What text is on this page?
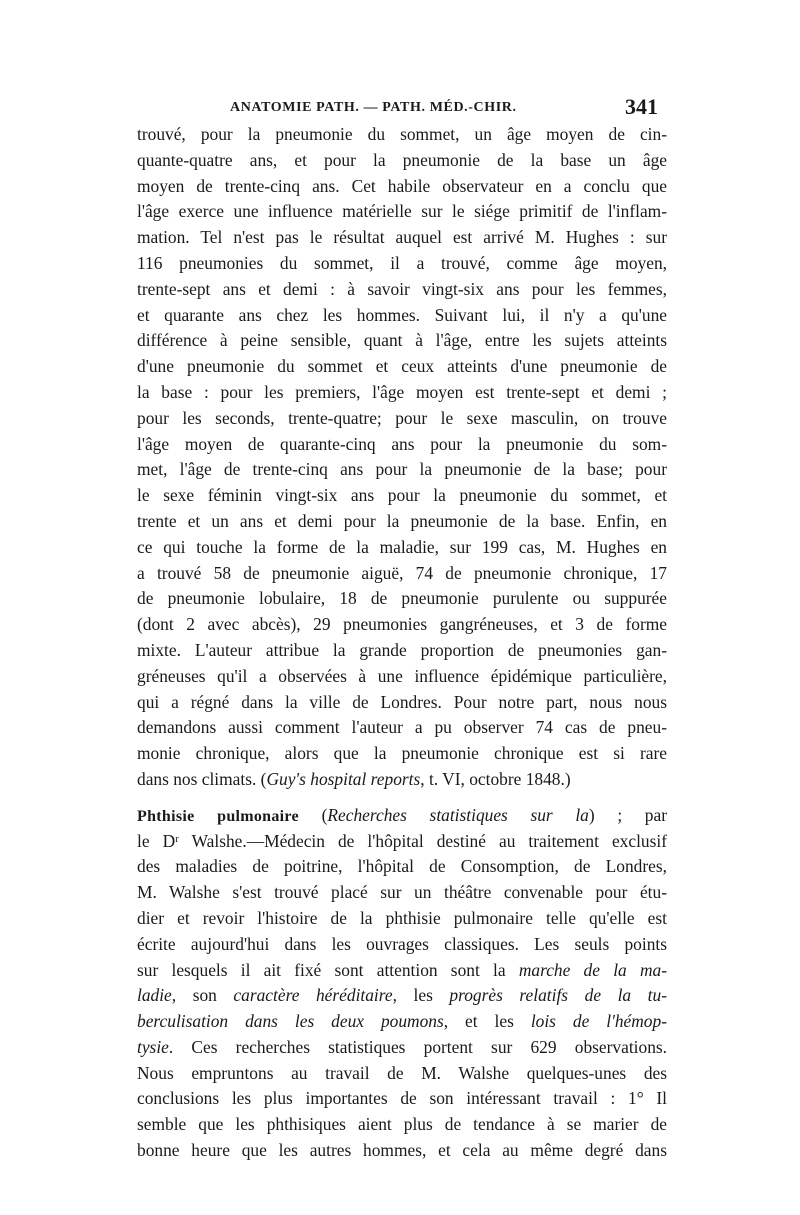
ANATOMIE PATH. — PATH. MÉD.-CHIR.	341
trouvé, pour la pneumonie du sommet, un âge moyen de cin-
quante-quatre ans, et pour la pneumonie de la base un âge
moyen de trente-cinq ans. Cet habile observateur en a conclu que
l'âge exerce une influence matérielle sur le siége primitif de l'inflam-
mation. Tel n'est pas le résultat auquel est arrivé M. Hughes : sur
116 pneumonies du sommet, il a trouvé, comme âge moyen,
trente-sept ans et demi : à savoir vingt-six ans pour les femmes,
et quarante ans chez les hommes. Suivant lui, il n'y a qu'une
différence à peine sensible, quant à l'âge, entre les sujets atteints
d'une pneumonie du sommet et ceux atteints d'une pneumonie de
la base : pour les premiers, l'âge moyen est trente-sept et demi ;
pour les seconds, trente-quatre; pour le sexe masculin, on trouve
l'âge moyen de quarante-cinq ans pour la pneumonie du som-
met, l'âge de trente-cinq ans pour la pneumonie de la base; pour
le sexe féminin vingt-six ans pour la pneumonie du sommet, et
trente et un ans et demi pour la pneumonie de la base. Enfin, en
ce qui touche la forme de la maladie, sur 199 cas, M. Hughes en
a trouvé 58 de pneumonie aiguë, 74 de pneumonie chronique, 17
de pneumonie lobulaire, 18 de pneumonie purulente ou suppurée
(dont 2 avec abcès), 29 pneumonies gangréneuses, et 3 de forme
mixte. L'auteur attribue la grande proportion de pneumonies gan-
gréneuses qu'il a observées à une influence épidémique particulière,
qui a régné dans la ville de Londres. Pour notre part, nous nous
demandons aussi comment l'auteur a pu observer 74 cas de pneu-
monie chronique, alors que la pneumonie chronique est si rare
dans nos climats. (Guy's hospital reports, t. VI, octobre 1848.)
Phthisie pulmonaire (Recherches statistiques sur la) ; par
le Dʳ Walshe.—Médecin de l'hôpital destiné au traitement exclusif
des maladies de poitrine, l'hôpital de Consomption, de Londres,
M. Walshe s'est trouvé placé sur un théâtre convenable pour étu-
dier et revoir l'histoire de la phthisie pulmonaire telle qu'elle est
écrite aujourd'hui dans les ouvrages classiques. Les seuls points
sur lesquels il ait fixé sont attention sont la marche de la ma-
ladie, son caractère héréditaire, les progrès relatifs de la tu-
berculisation dans les deux poumons, et les lois de l'hémop-
tysie. Ces recherches statistiques portent sur 629 observations.
Nous empruntons au travail de M. Walshe quelques-unes des
conclusions les plus importantes de son intéressant travail : 1° Il
semble que les phthisiques aient plus de tendance à se marier de
bonne heure que les autres hommes, et cela au même degré dans
